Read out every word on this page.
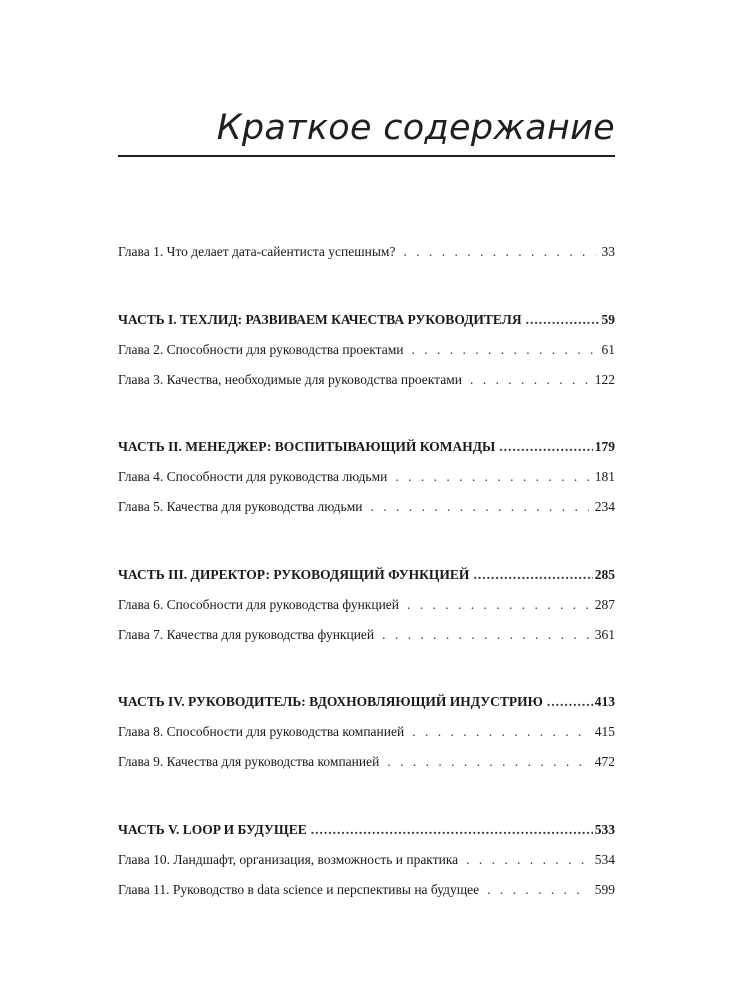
Краткое содержание
Глава 1. Что делает дата-сайентиста успешным? . . .	33
ЧАСТЬ I. ТЕХЛИД: РАЗВИВАЕМ КАЧЕСТВА РУКОВОДИТЕЛЯ .....	59
Глава 2. Способности для руководства проектами . . .	61
Глава 3. Качества, необходимые для руководства проектами . . .	122
ЧАСТЬ II. МЕНЕДЖЕР: ВОСПИТЫВАЮЩИЙ КОМАНДЫ .....	179
Глава 4. Способности для руководства людьми . . .	181
Глава 5. Качества для руководства людьми . . .	234
ЧАСТЬ III. ДИРЕКТОР: РУКОВОДЯЩИЙ ФУНКЦИЕЙ .....	285
Глава 6. Способности для руководства функцией . . .	287
Глава 7. Качества для руководства функцией . . .	361
ЧАСТЬ IV. РУКОВОДИТЕЛЬ: ВДОХНОВЛЯЮЩИЙ ИНДУСТРИЮ .....	413
Глава 8. Способности для руководства компанией . . .	415
Глава 9. Качества для руководства компанией . . .	472
ЧАСТЬ V. LOOP И БУДУЩЕЕ .....	533
Глава 10. Ландшафт, организация, возможность и практика . . .	534
Глава 11. Руководство в data science и перспективы на будущее . . .	599
